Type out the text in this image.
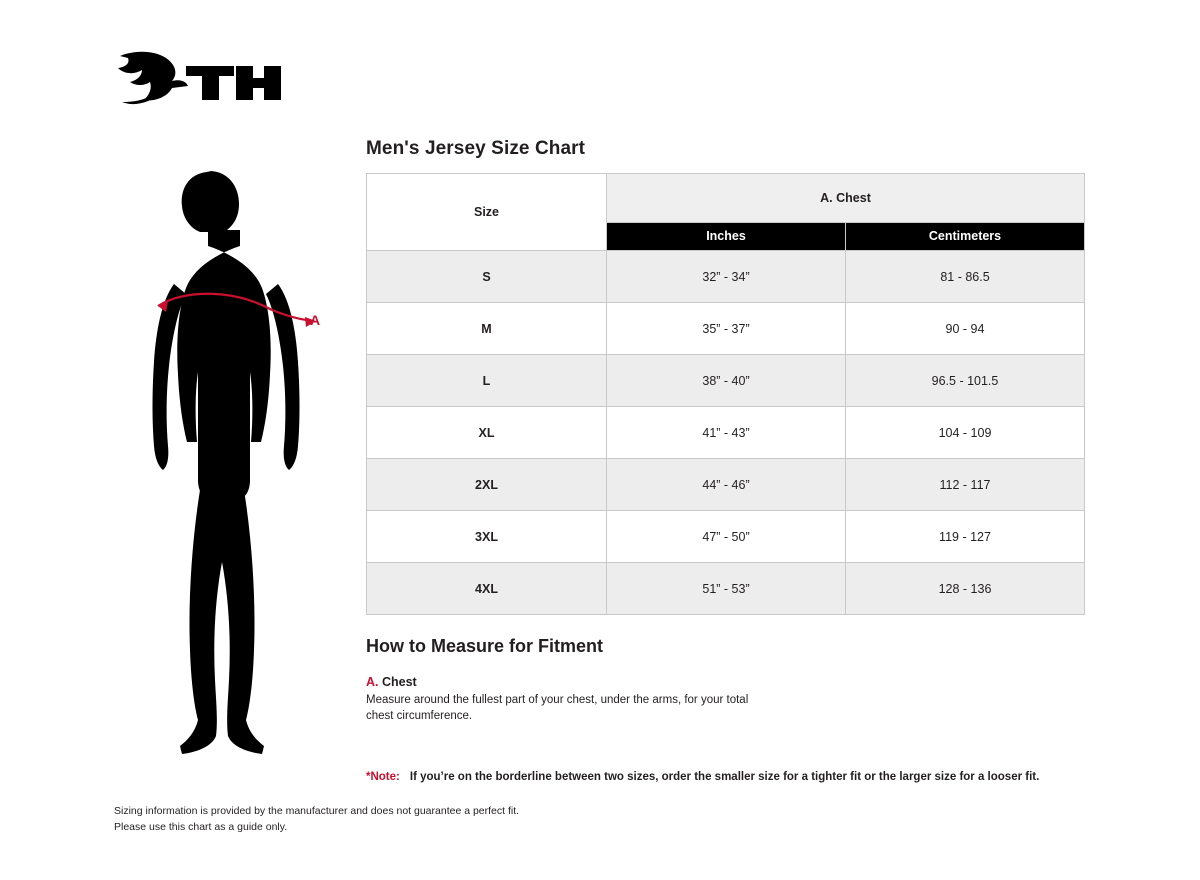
A
Men's Jersey Size Chart
Size	A. Chest	
	Inches	Centimeters
S	32” - 34”	81 - 86.5
M	35” - 37”	90 - 94
L	38” - 40”	96.5 - 101.5
XL	41” - 43”	104 - 109
2XL	44” - 46”	112 - 117
3XL	47” - 50”	119 - 127
4XL	51” - 53”	128 - 136
How to Measure for Fitment
A. Chest
Measure around the fullest part of your chest, under the arms, for your total chest circumference.
*Note: If you’re on the borderline between two sizes, order the smaller size for a tighter fit or the larger size for a looser fit.
Sizing information is provided by the manufacturer and does not guarantee a perfect fit.
Please use this chart as a guide only.
